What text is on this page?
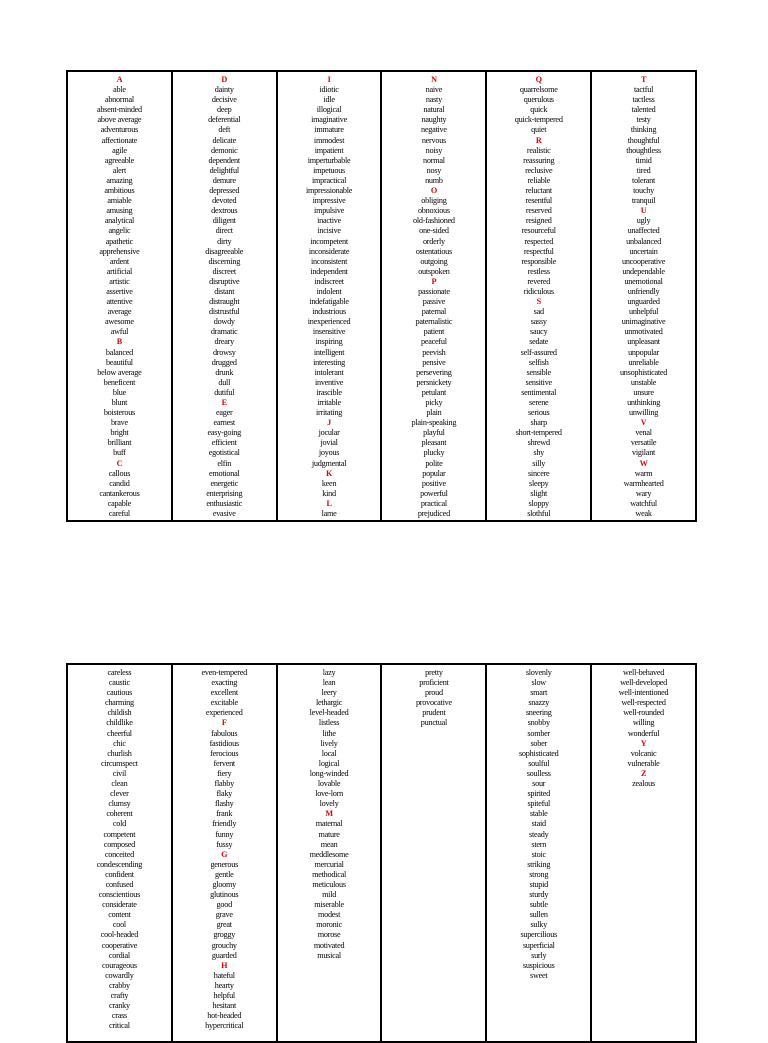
A
able
abnormal
absent-minded
above average
adventurous
affectionate
agile
agreeable
alert
amazing
ambitious
amiable
amusing
analytical
angelic
apathetic
apprehensive
ardent
artificial
artistic
assertive
attentive
average
awesome
awful
B
balanced
beautiful
below average
beneficent
blue
blunt
boisterous
brave
bright
brilliant
buff
C
callous
candid
cantankerous
capable
careful
D
dainty
decisive
deep
deferential
deft
delicate
demonic
dependent
delightful
demure
depressed
devoted
dextrous
diligent
direct
dirty
disagreeable
discerning
discreet
disruptive
distant
distraught
distrustful
dowdy
dramatic
dreary
drowsy
drugged
drunk
dull
dutiful
E
eager
earnest
easy-going
efficient
egotistical
elfin
emotional
energetic
enterprising
enthusiastic
evasive
I
idiotic
idle
illogical
imaginative
immature
immodest
impatient
imperturbable
impetuous
impractical
impressionable
impressive
impulsive
inactive
incisive
incompetent
inconsiderate
inconsistent
independent
indiscreet
indolent
indefatigable
industrious
inexperienced
insensitive
inspiring
intelligent
interesting
intolerant
inventive
irascible
irritable
irritating
J
jocular
jovial
joyous
judgmental
K
keen
kind
L
lame
N
naive
nasty
natural
naughty
negative
nervous
noisy
normal
nosy
numb
O
obliging
obnoxious
old-fashioned
one-sided
orderly
ostentatious
outgoing
outspoken
P
passionate
passive
paternal
paternalistic
patient
peaceful
peevish
pensive
persevering
persnickety
petulant
picky
plain
plain-speaking
playful
pleasant
plucky
polite
popular
positive
powerful
practical
prejudiced
Q
quarrelsome
querulous
quick
quick-tempered
quiet
R
realistic
reassuring
reclusive
reliable
reluctant
resentful
reserved
resigned
resourceful
respected
respectful
responsible
restless
revered
ridiculous
S
sad
sassy
saucy
sedate
self-assured
selfish
sensible
sensitive
sentimental
serene
serious
sharp
short-tempered
shrewd
shy
silly
sincere
sleepy
slight
sloppy
slothful
T
tactful
tactless
talented
testy
thinking
thoughtful
thoughtless
timid
tired
tolerant
touchy
tranquil
U
ugly
unaffected
unbalanced
uncertain
uncooperative
undependable
unemotional
unfriendly
unguarded
unhelpful
unimaginative
unmotivated
unpleasant
unpopular
unreliable
unsophisticated
unstable
unsure
unthinking
unwilling
V
venal
versatile
vigilant
W
warm
warmhearted
wary
watchful
weak
careless
caustic
cautious
charming
childish
childlike
cheerful
chic
churlish
circumspect
civil
clean
clever
clumsy
coherent
cold
competent
composed
conceited
condescending
confident
confused
conscientious
considerate
content
cool
cool-headed
cooperative
cordial
courageous
cowardly
crabby
crafty
cranky
crass
critical
even-tempered
exacting
excellent
excitable
experienced
F
fabulous
fastidious
ferocious
fervent
fiery
flabby
flaky
flashy
frank
friendly
funny
fussy
G
generous
gentle
gloomy
glutinous
good
grave
great
groggy
grouchy
guarded
H
hateful
hearty
helpful
hesitant
hot-headed
hypercritical
lazy
lean
leery
lethargic
level-headed
listless
lithe
lively
local
logical
long-winded
lovable
love-lorn
lovely
M
maternal
mature
mean
meddlesome
mercurial
methodical
meticulous
mild
miserable
modest
moronic
morose
motivated
musical
pretty
proficient
proud
provocative
prudent
punctual
slovenly
slow
smart
snazzy
sneering
snobby
somber
sober
sophisticated
soulful
soulless
sour
spirited
spiteful
stable
staid
steady
stern
stoic
striking
strong
stupid
sturdy
subtle
sullen
sulky
supercilious
superficial
surly
suspicious
sweet
well-behaved
well-developed
well-intentioned
well-respected
well-rounded
willing
wonderful
Y
volcanic
vulnerable
Z
zealous
